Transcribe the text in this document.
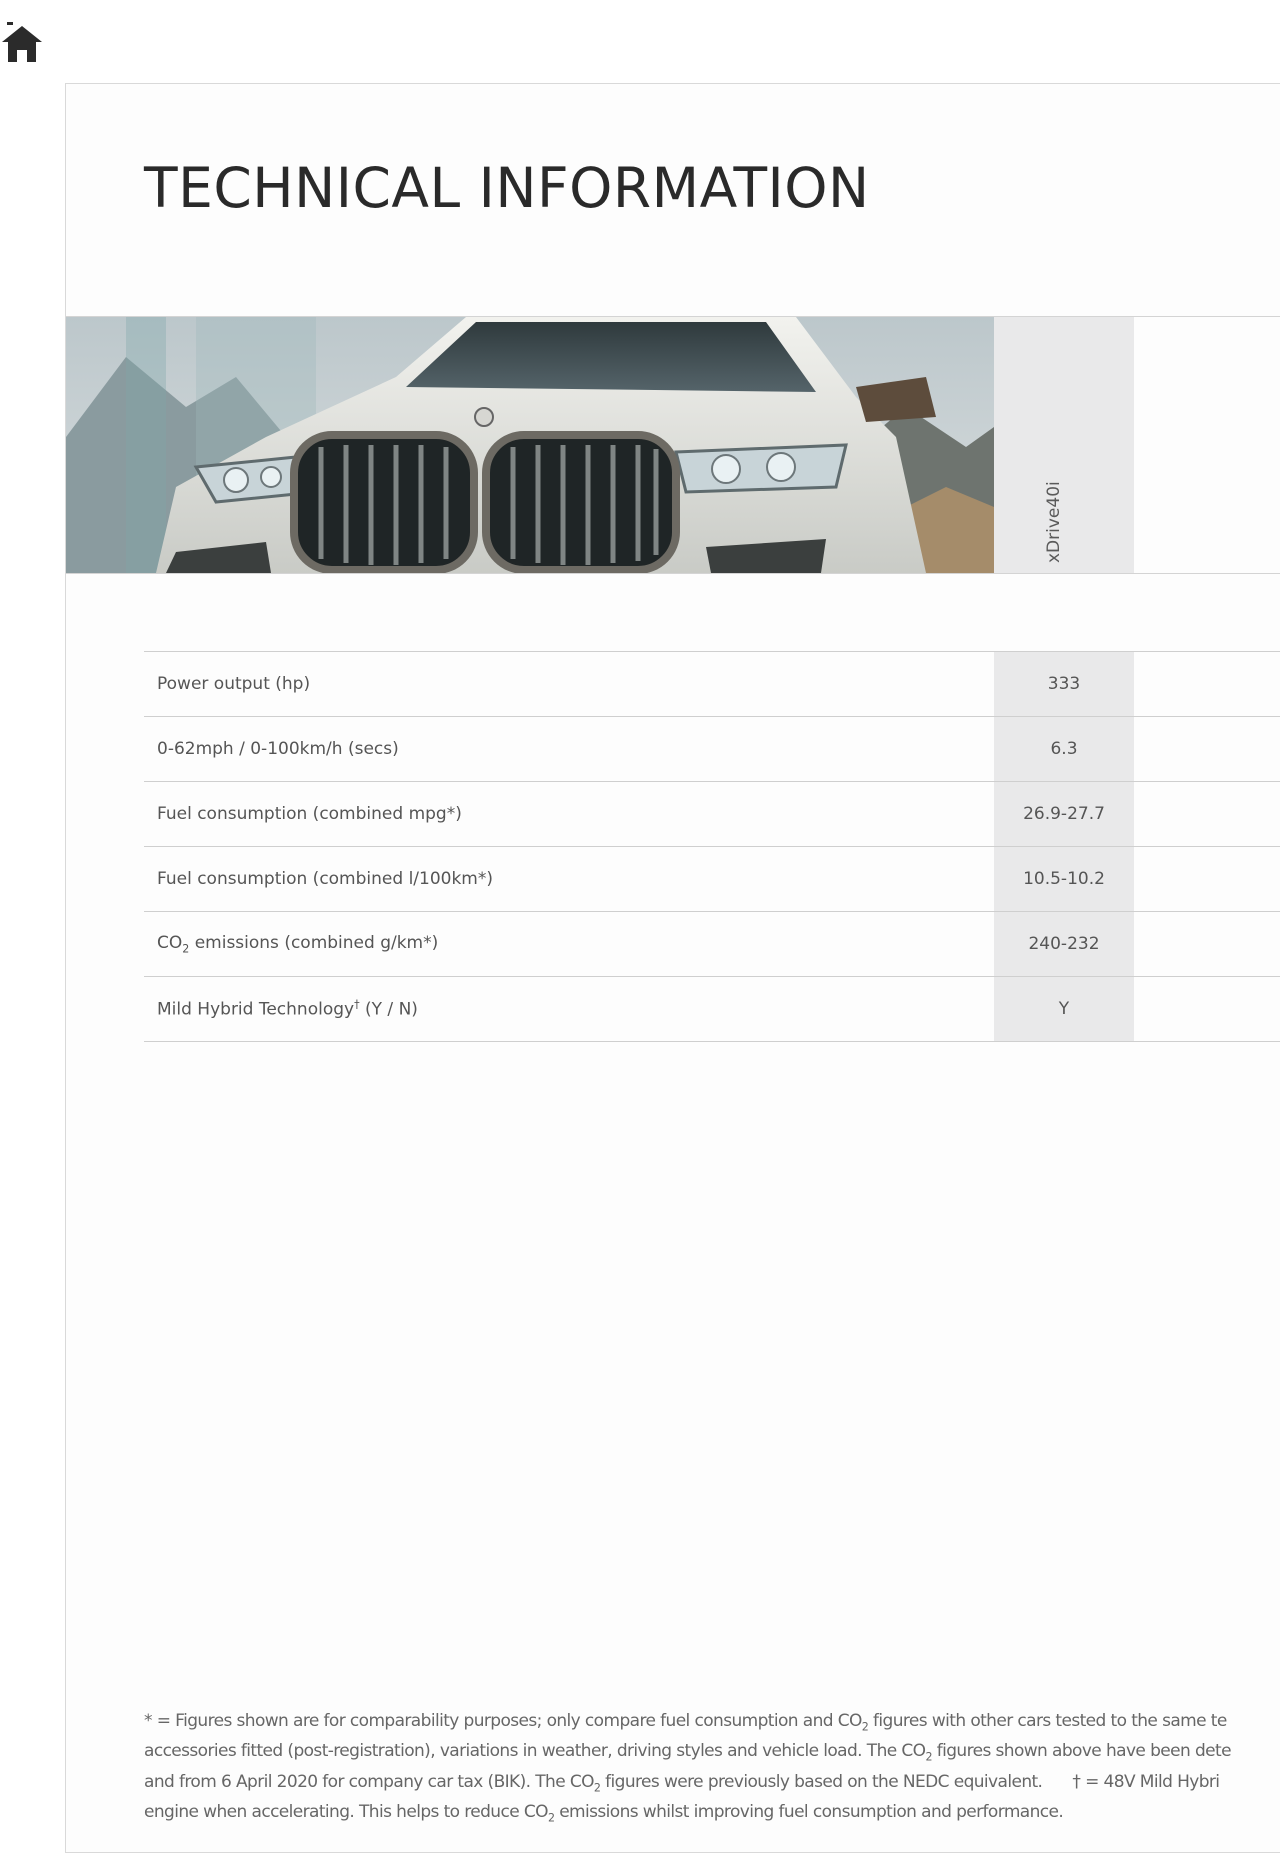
TECHNICAL INFORMATION
xDrive40i
Power output (hp)	333	
0-62mph / 0-100km/h (secs)	6.3	
Fuel consumption (combined mpg*)	26.9-27.7	
Fuel consumption (combined l/100km*)	10.5-10.2	
$CO_2$ emissions (combined g/km*)	240-232	
Mild Hybrid Technology† (Y / N)	Y	
* = Figures shown are for comparability purposes; only compare fuel consumption and $CO_2$ figures with other cars tested to the same te
accessories fitted (post-registration), variations in weather, driving styles and vehicle load. The $CO_2$ figures shown above have been dete
and from 6 April 2020 for company car tax (BIK). The $CO_2$ figures were previously based on the NEDC equivalent. † = 48V Mild Hybri
engine when accelerating. This helps to reduce $CO_2$ emissions whilst improving fuel consumption and performance.
